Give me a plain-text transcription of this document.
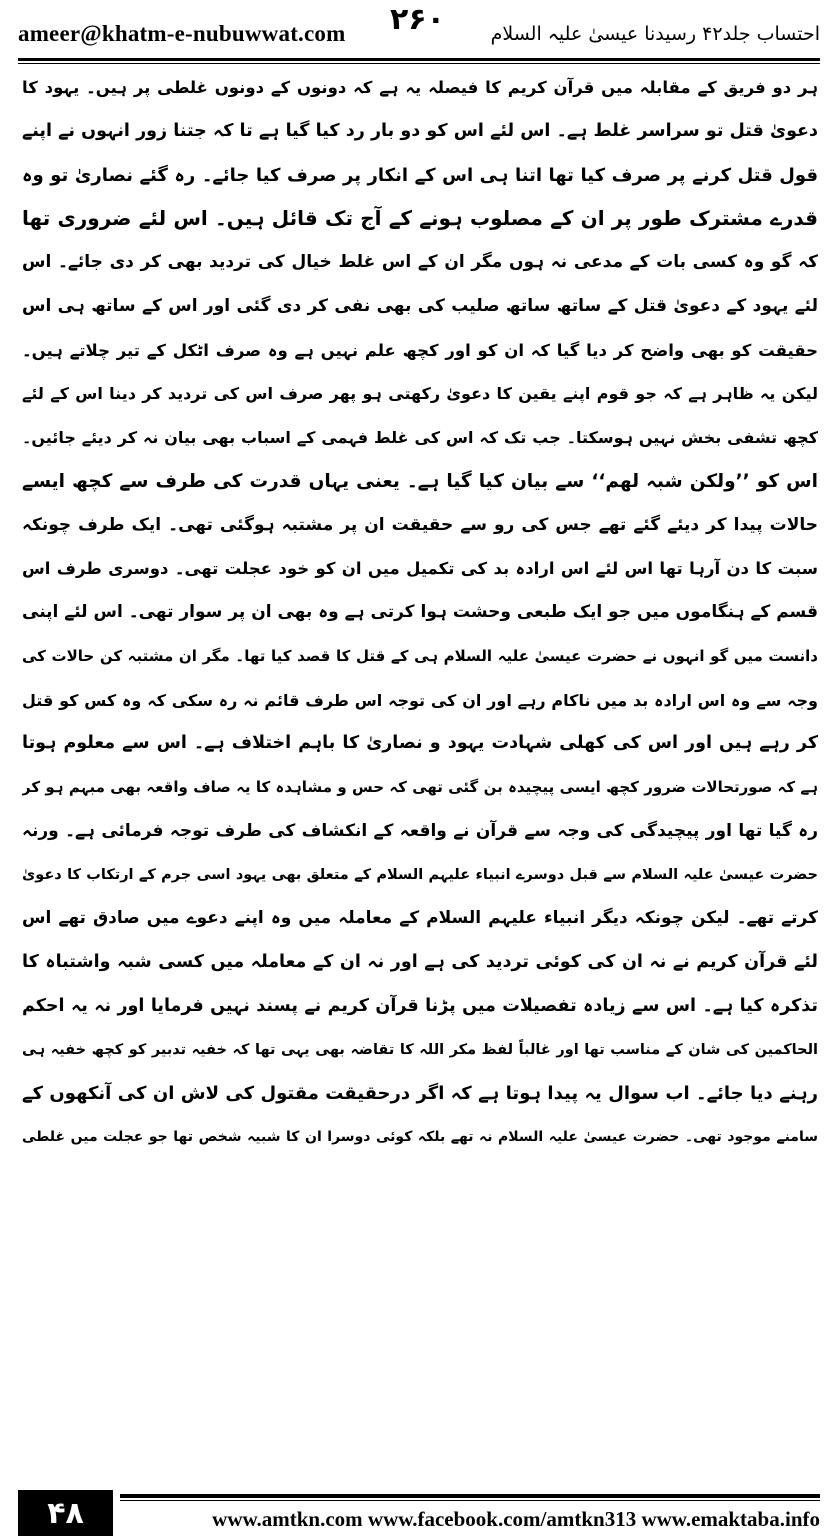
ameer@khatm-e-nubuwwat.com	احتساب جلد۴۲ رسیدنا عیسیٰ علیہ السلام
۲۶۰
ہر دو فریق کے مقابلہ میں قرآن کریم کا فیصلہ یہ ہے کہ دونوں کے دونوں غلطی پر ہیں۔ یہود کا
دعویٰ قتل تو سراسر غلط ہے۔ اس لئے اس کو دو بار رد کیا گیا ہے تا کہ جتنا زور انہوں نے اپنے
قول قتل کرنے پر صرف کیا تھا اتنا ہی اس کے انکار پر صرف کیا جائے۔ رہ گئے نصاریٰ تو وہ
قدرے مشترک طور پر ان کے مصلوب ہونے کے آج تک قائل ہیں۔ اس لئے ضروری تھا
کہ گو وہ کسی بات کے مدعی نہ ہوں مگر ان کے اس غلط خیال کی تردید بھی کر دی جائے۔ اس
لئے یہود کے دعویٰ قتل کے ساتھ ساتھ صلیب کی بھی نفی کر دی گئی اور اس کے ساتھ ہی اس
حقیقت کو بھی واضح کر دیا گیا کہ ان کو اور کچھ علم نہیں ہے وہ صرف اٹکل کے تیر چلاتے ہیں۔
لیکن یہ ظاہر ہے کہ جو قوم اپنے یقین کا دعویٰ رکھتی ہو پھر صرف اس کی تردید کر دینا اس کے لئے
کچھ تشفی بخش نہیں ہوسکتا۔ جب تک کہ اس کی غلط فہمی کے اسباب بھی بیان نہ کر دیئے جائیں۔
اس کو ’’ولکن شبہ لھم‘‘ سے بیان کیا گیا ہے۔ یعنی یہاں قدرت کی طرف سے کچھ ایسے
حالات پیدا کر دیئے گئے تھے جس کی رو سے حقیقت ان پر مشتبہ ہوگئی تھی۔ ایک طرف چونکہ
سبت کا دن آرہا تھا اس لئے اس ارادہ بد کی تکمیل میں ان کو خود عجلت تھی۔ دوسری طرف اس
قسم کے ہنگاموں میں جو ایک طبعی وحشت ہوا کرتی ہے وہ بھی ان پر سوار تھی۔ اس لئے اپنی
دانست میں گو انہوں نے حضرت عیسیٰ علیہ السلام ہی کے قتل کا قصد کیا تھا۔ مگر ان مشتبہ کن حالات کی
وجہ سے وہ اس ارادہ بد میں ناکام رہے اور ان کی توجہ اس طرف قائم نہ رہ سکی کہ وہ کس کو قتل
کر رہے ہیں اور اس کی کھلی شہادت یہود و نصاریٰ کا باہم اختلاف ہے۔ اس سے معلوم ہوتا
ہے کہ صورتحالات ضرور کچھ ایسی پیچیدہ بن گئی تھی کہ حس و مشاہدہ کا یہ صاف واقعہ بھی مبہم ہو کر
رہ گیا تھا اور پیچیدگی کی وجہ سے قرآن نے واقعہ کے انکشاف کی طرف توجہ فرمائی ہے۔ ورنہ
حضرت عیسیٰ علیہ السلام سے قبل دوسرے انبیاء علیہم السلام کے متعلق بھی یہود اسی جرم کے ارتکاب کا دعویٰ
کرتے تھے۔ لیکن چونکہ دیگر انبیاء علیہم السلام کے معاملہ میں وہ اپنے دعوے میں صادق تھے اس
لئے قرآن کریم نے نہ ان کی کوئی تردید کی ہے اور نہ ان کے معاملہ میں کسی شبہ واشتباہ کا
تذکرہ کیا ہے۔ اس سے زیادہ تفصیلات میں پڑنا قرآن کریم نے پسند نہیں فرمایا اور نہ یہ احکم
الحاکمین کی شان کے مناسب تھا اور غالباً لفظ مکر اللہ کا تقاضہ بھی یہی تھا کہ خفیہ تدبیر کو کچھ خفیہ ہی
رہنے دیا جائے۔ اب سوال یہ پیدا ہوتا ہے کہ اگر درحقیقت مقتول کی لاش ان کی آنکھوں کے
سامنے موجود تھی۔ حضرت عیسیٰ علیہ السلام نہ تھے بلکہ کوئی دوسرا ان کا شبیہ شخص تھا جو عجلت میں غلطی
۴۸	www.amtkn.com www.facebook.com/amtkn313 www.emaktaba.info
